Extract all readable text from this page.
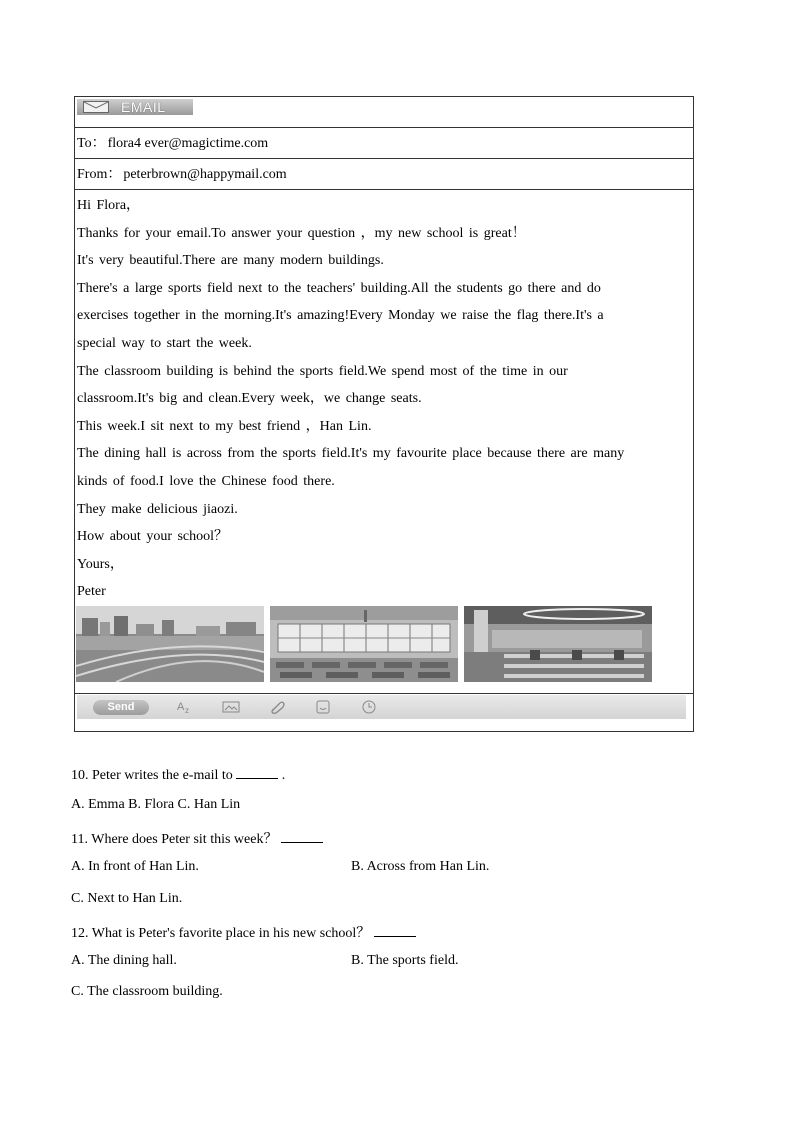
EMAIL
To： flora4 ever@magictime.com
From： peterbrown@happymail.com

Hi Flora，

Thanks for your email.To answer your question ，my new school is great！

It's very beautiful.There are many modern buildings.

There's a large sports field next to the teachers' building.All the students go there and do

exercises together in the morning.It's amazing!Every Monday we raise the flag there.It's a

special way to start the week.

The classroom building is behind the sports field.We spend most of the time in our

classroom.It's big and clean.Every week，we change seats.

This week.I sit next to my best friend ，Han Lin.

The dining hall is across from the sports field.It's my favourite place because there are many

kinds of food.I love the Chinese food there.

They make delicious jiaozi.

How about your school？

Yours，

Peter

Send	A z
10. Peter writes the e-mail to	.
A. Emma B. Flora C. Han Lin
11. Where does Peter sit this week？
A. In front of Han Lin.	B. Across from Han Lin.
C. Next to Han Lin.
12. What is Peter's favorite place in his new school？
A. The dining hall.	B. The sports field.
C. The classroom building.
